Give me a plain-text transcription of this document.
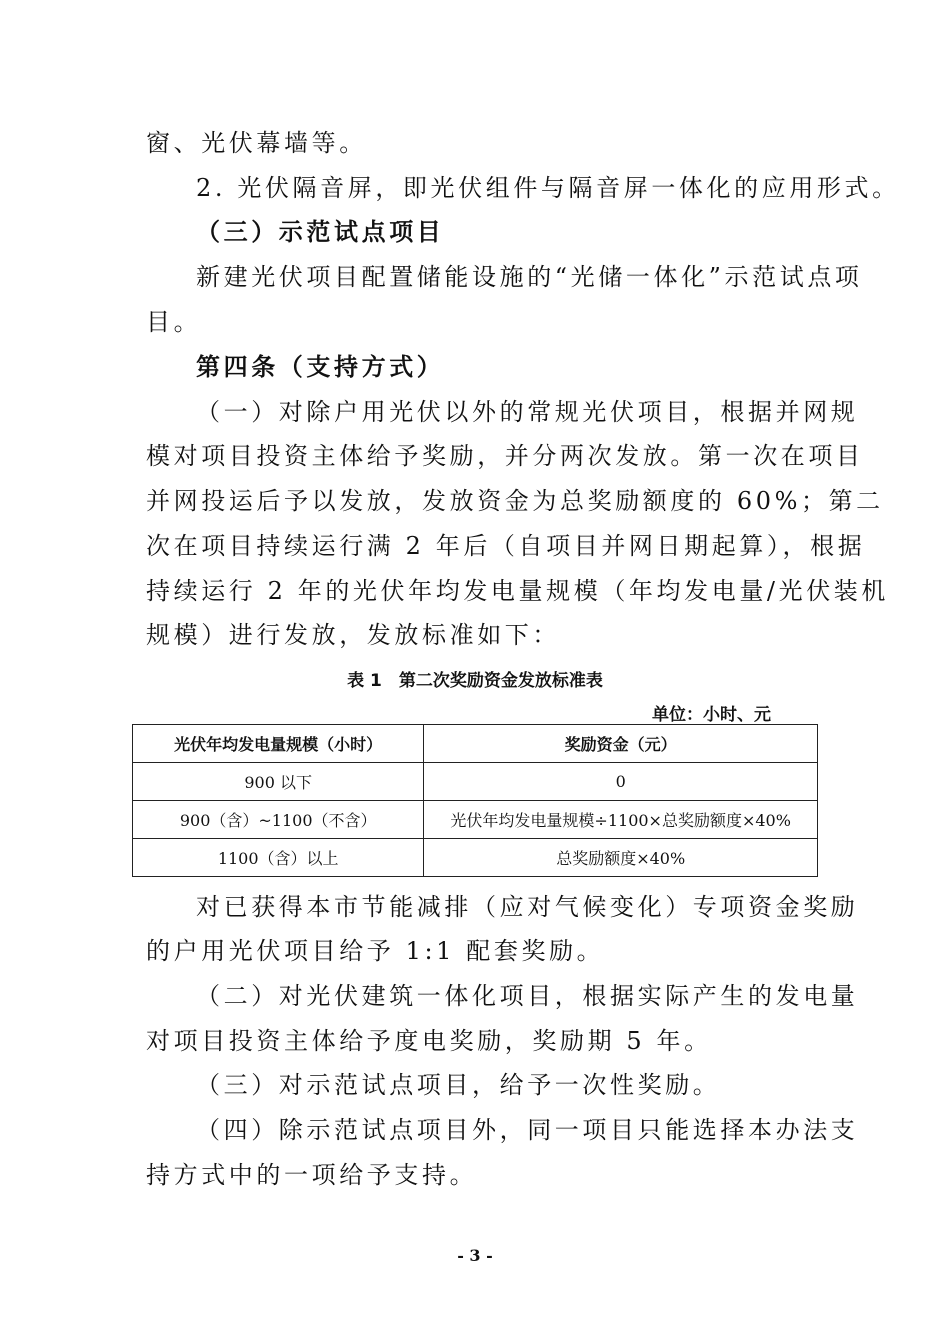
窗、光伏幕墙等。
2. 光伏隔音屏，即光伏组件与隔音屏一体化的应用形式。
（三）示范试点项目
新建光伏项目配置储能设施的“光储一体化”示范试点项
目。
第四条（支持方式）
（一）对除户用光伏以外的常规光伏项目，根据并网规
模对项目投资主体给予奖励，并分两次发放。第一次在项目
并网投运后予以发放，发放资金为总奖励额度的 60%；第二
次在项目持续运行满 2 年后（自项目并网日期起算），根据
持续运行 2 年的光伏年均发电量规模（年均发电量/光伏装机
规模）进行发放，发放标准如下：
表 1　第二次奖励资金发放标准表
单位：小时、元
光伏年均发电量规模（小时）	奖励资金（元）
900 以下	0
900（含）~1100（不含）	光伏年均发电量规模÷1100×总奖励额度×40%
1100（含）以上	总奖励额度×40%
对已获得本市节能减排（应对气候变化）专项资金奖励
的户用光伏项目给予 1:1 配套奖励。
（二）对光伏建筑一体化项目，根据实际产生的发电量
对项目投资主体给予度电奖励，奖励期 5 年。
（三）对示范试点项目，给予一次性奖励。
（四）除示范试点项目外，同一项目只能选择本办法支
持方式中的一项给予支持。
- 3 -
